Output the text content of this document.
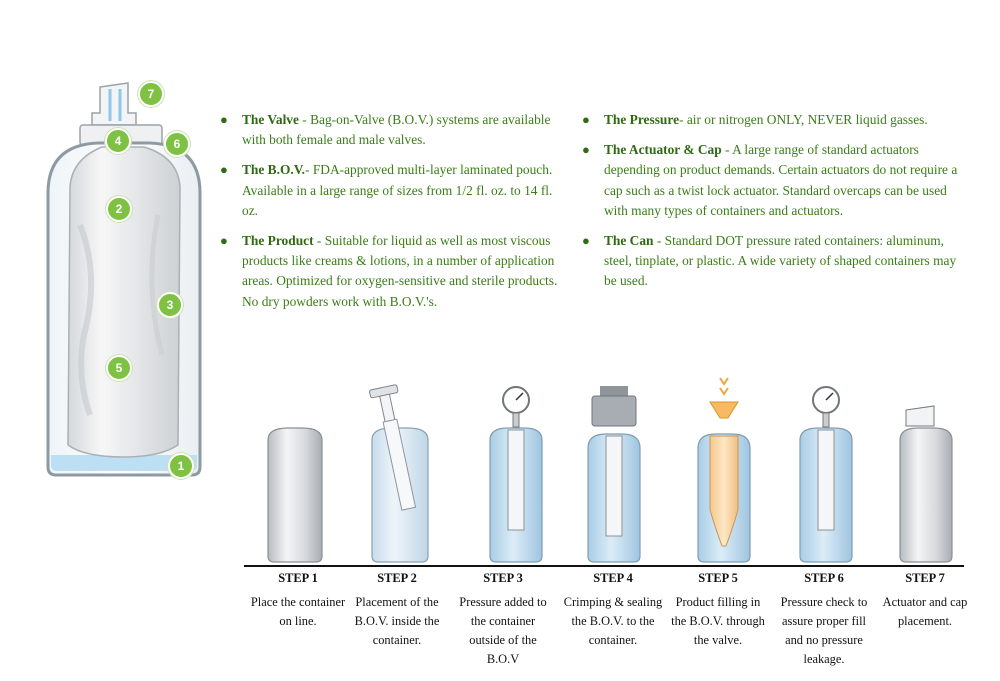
7
4	6
2
3
5
1
● The Valve - Bag-on-Valve (B.O.V.) systems are available with both female and male valves.
● The B.O.V.- FDA-approved multi-layer laminated pouch. Available in a large range of sizes from 1/2 fl. oz. to 14 fl. oz.
● The Product - Suitable for liquid as well as most viscous products like creams & lotions, in a number of application areas. Optimized for oxygen-sensitive and sterile products. No dry powders work with B.O.V.'s.
● The Pressure- air or nitrogen ONLY, NEVER liquid gasses.
● The Actuator & Cap - A large range of standard actuators depending on product demands. Certain actuators do not require a cap such as a twist lock actuator. Standard overcaps can be used with many types of containers and actuators.
● The Can - Standard DOT pressure rated containers: aluminum, steel, tinplate, or plastic. A wide variety of shaped containers may be used.
STEP 1
Place the container on line.
STEP 2
Placement of the B.O.V. inside the container.
STEP 3
Pressure added to the container outside of the B.O.V
STEP 4
Crimping & sealing the B.O.V. to the container.
STEP 5
Product filling in the B.O.V. through the valve.
STEP 6
Pressure check to assure proper fill and no pressure leakage.
STEP 7
Actuator and cap placement.
